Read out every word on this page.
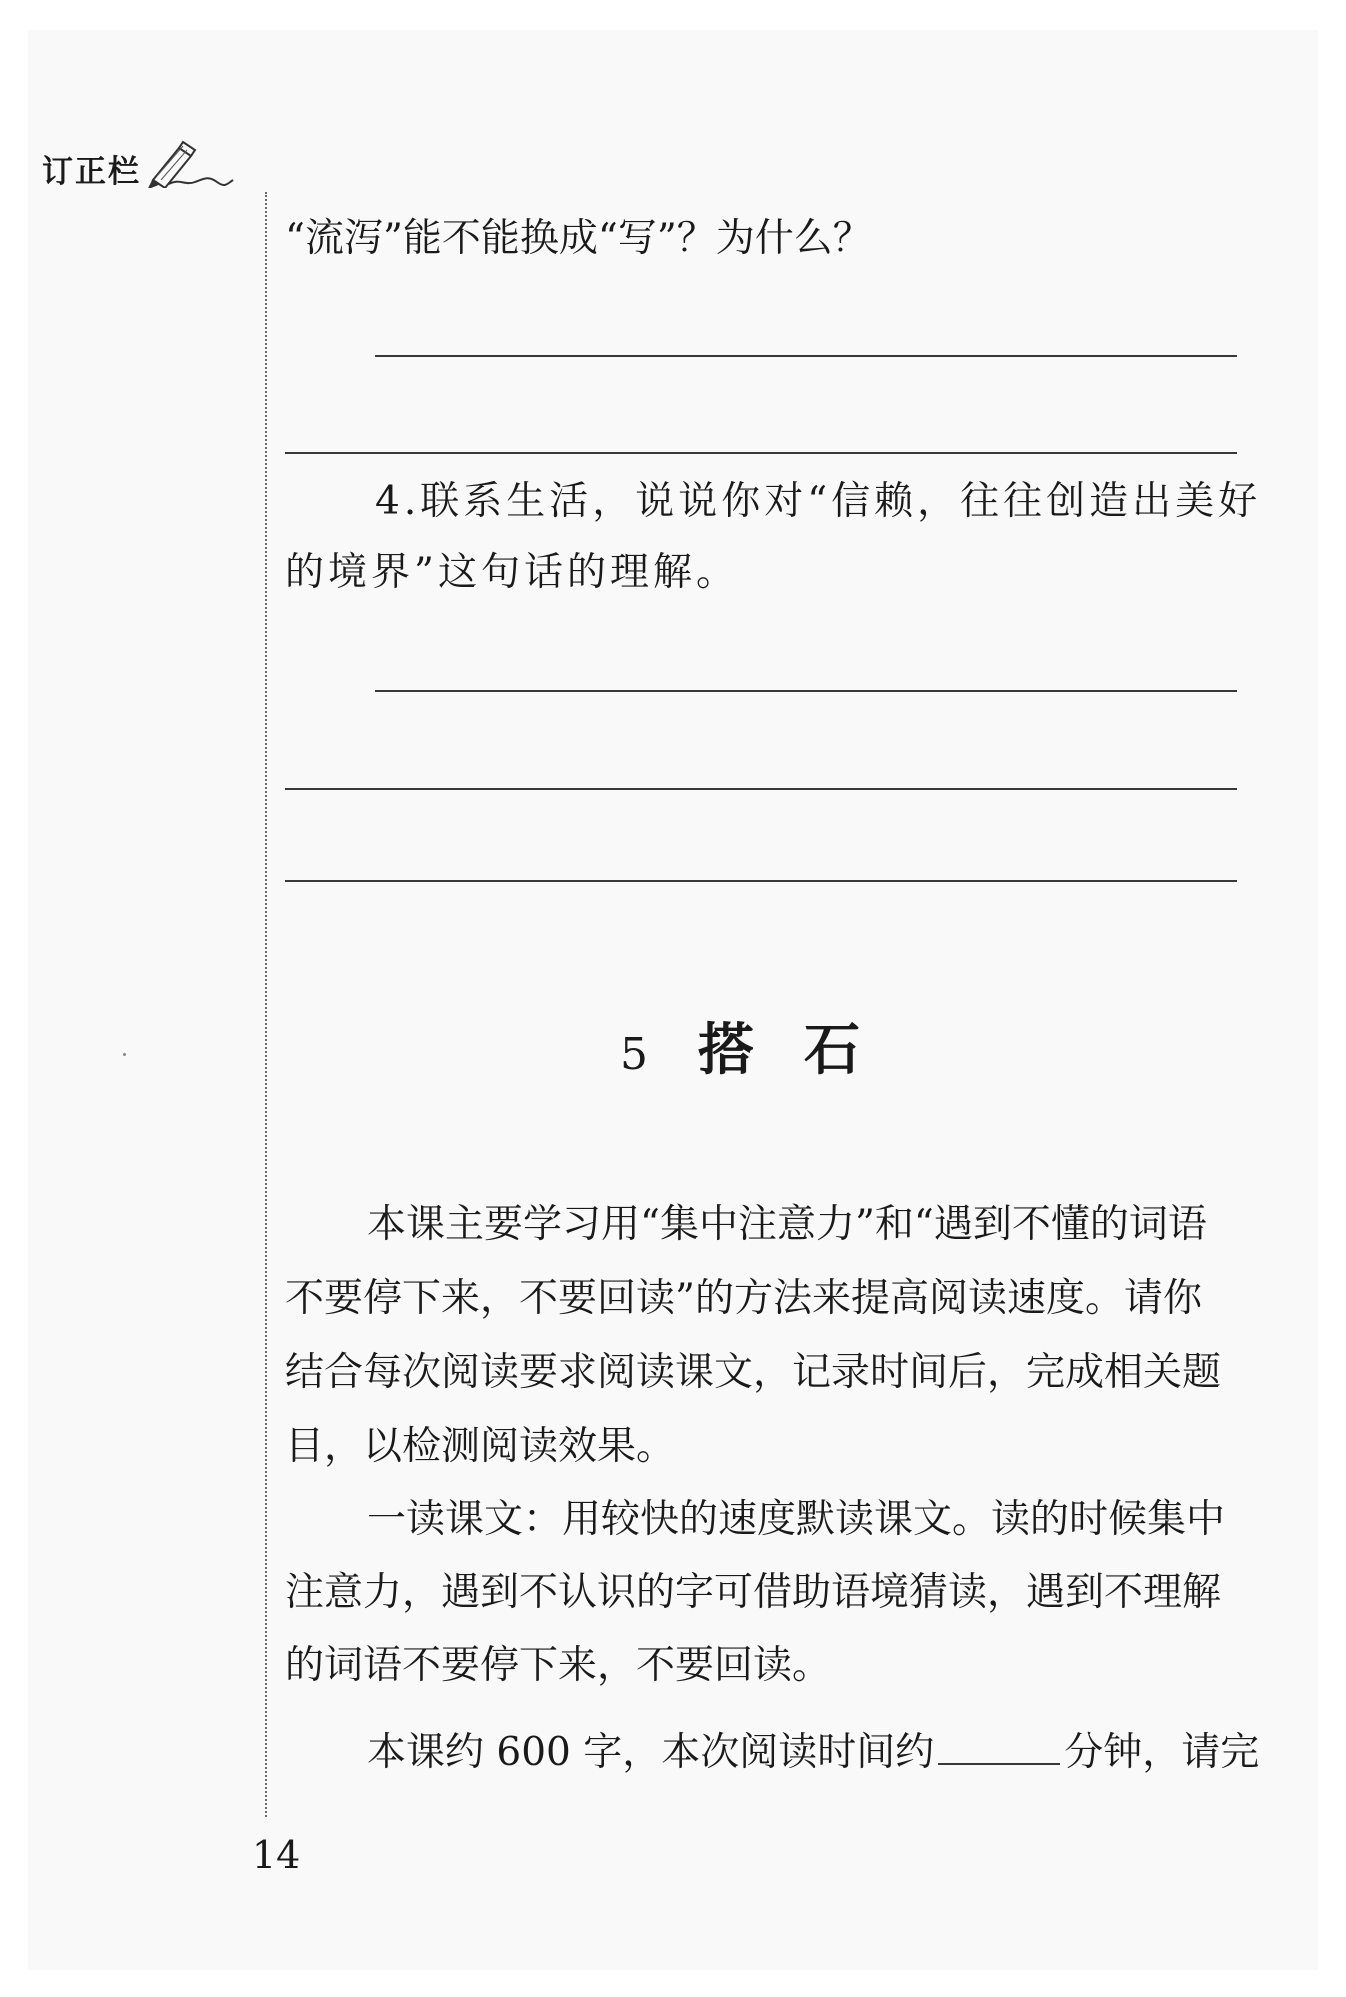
订正栏
“流泻”能不能换成“写”？为什么？
4.联系生活，说说你对“信赖，往往创造出美好
的境界”这句话的理解。
5 搭石
本课主要学习用“集中注意力”和“遇到不懂的词语
不要停下来，不要回读”的方法来提高阅读速度。请你
结合每次阅读要求阅读课文，记录时间后，完成相关题
目，以检测阅读效果。
一读课文：用较快的速度默读课文。读的时候集中
注意力，遇到不认识的字可借助语境猜读，遇到不理解
的词语不要停下来，不要回读。
本课约 600 字，本次阅读时间约	分钟，请完
14
